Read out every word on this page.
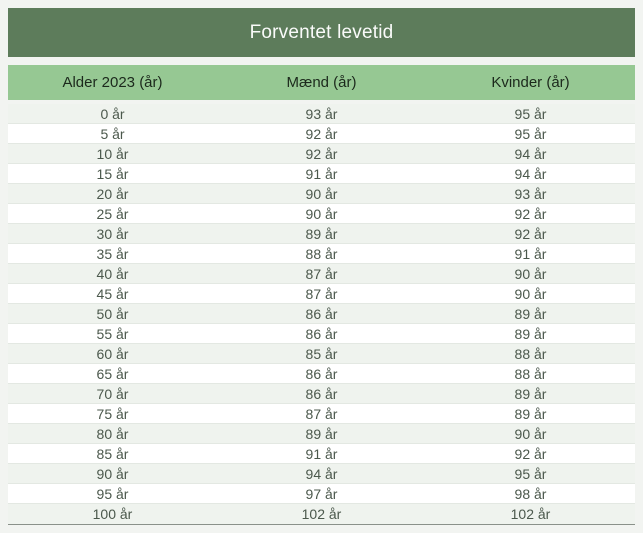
Forventet levetid
Alder 2023 (år)	Mænd (år)	Kvinder (år)
0 år	93 år	95 år
5 år	92 år	95 år
10 år	92 år	94 år
15 år	91 år	94 år
20 år	90 år	93 år
25 år	90 år	92 år
30 år	89 år	92 år
35 år	88 år	91 år
40 år	87 år	90 år
45 år	87 år	90 år
50 år	86 år	89 år
55 år	86 år	89 år
60 år	85 år	88 år
65 år	86 år	88 år
70 år	86 år	89 år
75 år	87 år	89 år
80 år	89 år	90 år
85 år	91 år	92 år
90 år	94 år	95 år
95 år	97 år	98 år
100 år	102 år	102 år
